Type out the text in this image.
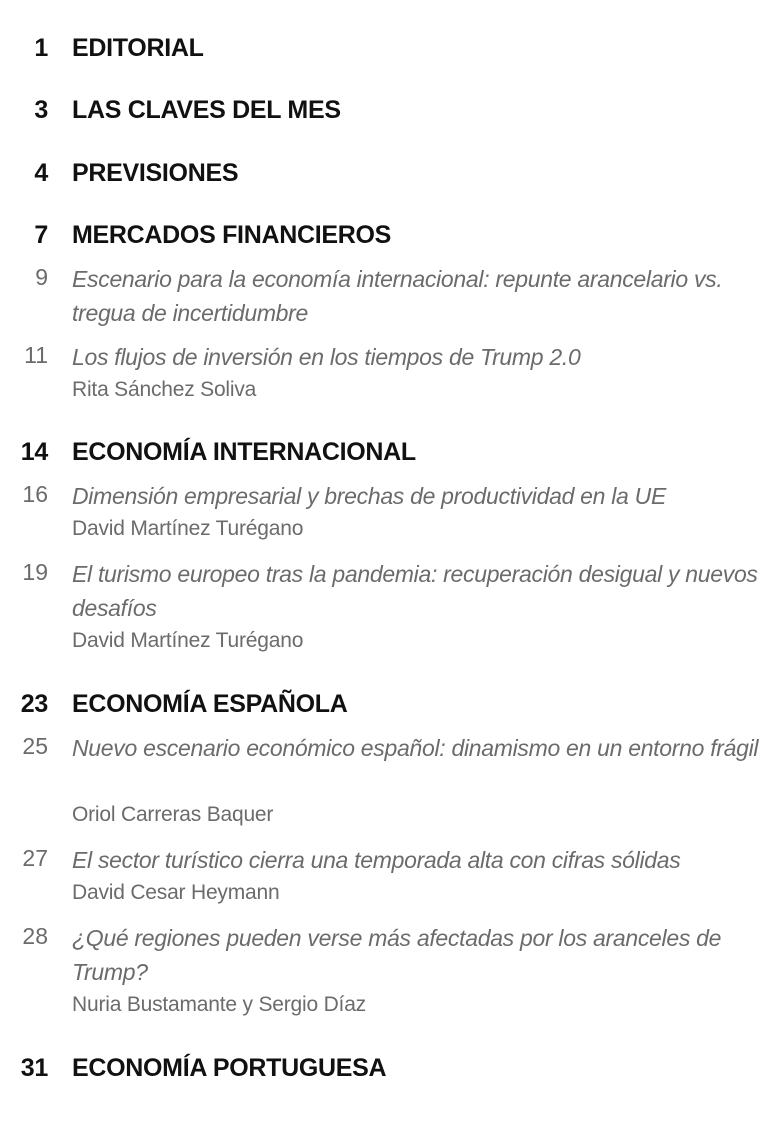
1 EDITORIAL
3 LAS CLAVES DEL MES
4 PREVISIONES
7 MERCADOS FINANCIEROS
9 Escenario para la economía internacional: repunte arancelario vs. tregua de incertidumbre
11 Los flujos de inversión en los tiempos de Trump 2.0
Rita Sánchez Soliva
14 ECONOMÍA INTERNACIONAL
16 Dimensión empresarial y brechas de productividad en la UE
David Martínez Turégano
19 El turismo europeo tras la pandemia: recuperación desigual y nuevos desafíos
David Martínez Turégano
23 ECONOMÍA ESPAÑOLA
25 Nuevo escenario económico español: dinamismo en un entorno frágil
Oriol Carreras Baquer
27 El sector turístico cierra una temporada alta con cifras sólidas
David Cesar Heymann
28 ¿Qué regiones pueden verse más afectadas por los aranceles de Trump?
Nuria Bustamante y Sergio Díaz
31 ECONOMÍA PORTUGUESA
